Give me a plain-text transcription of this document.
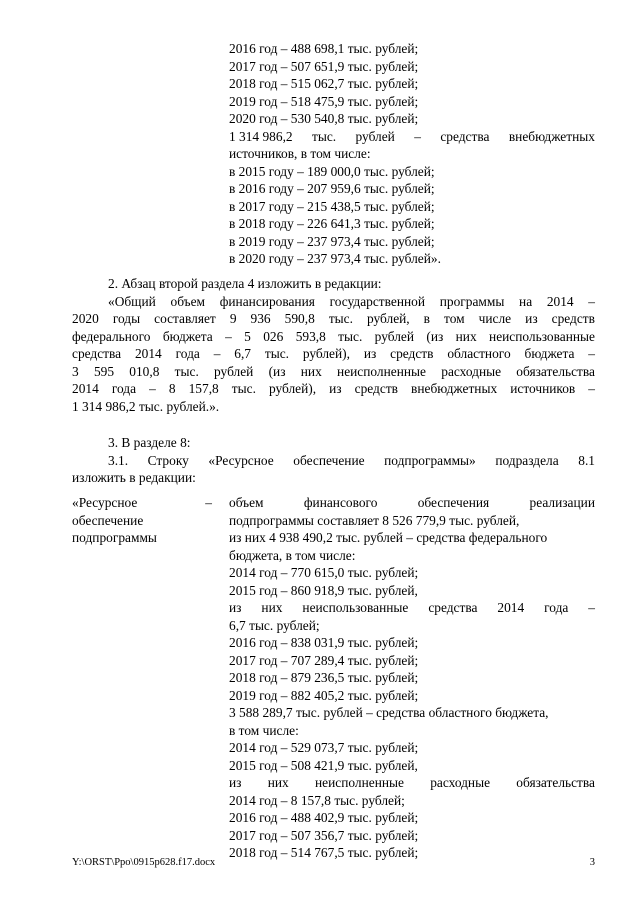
2016 год – 488 698,1 тыс. рублей;
2017 год – 507 651,9 тыс. рублей;
2018 год – 515 062,7 тыс. рублей;
2019 год – 518 475,9 тыс. рублей;
2020 год – 530 540,8 тыс. рублей;
1 314 986,2 тыс. рублей – средства внебюджетных
источников, в том числе:
в 2015 году – 189 000,0 тыс. рублей;
в 2016 году – 207 959,6 тыс. рублей;
в 2017 году – 215 438,5 тыс. рублей;
в 2018 году – 226 641,3 тыс. рублей;
в 2019 году – 237 973,4 тыс. рублей;
в 2020 году – 237 973,4 тыс. рублей».
2. Абзац второй раздела 4 изложить в редакции:
«Общий объем финансирования государственной программы на 2014 –
2020 годы составляет 9 936 590,8 тыс. рублей, в том числе из средств
федерального бюджета – 5 026 593,8 тыс. рублей (из них неиспользованные
средства 2014 года – 6,7 тыс. рублей), из средств областного бюджета –
3 595 010,8 тыс. рублей (из них неисполненные расходные обязательства
2014 года – 8 157,8 тыс. рублей), из средств внебюджетных источников –
1 314 986,2 тыс. рублей.».
3. В разделе 8:
3.1. Строку «Ресурсное обеспечение подпрограммы» подраздела 8.1
изложить в редакции:
«Ресурсное	–
обеспечение
подпрограммы
объем финансового обеспечения реализации
подпрограммы составляет 8 526 779,9 тыс. рублей,
из них 4 938 490,2 тыс. рублей – средства федерального
бюджета, в том числе:
2014 год – 770 615,0 тыс. рублей;
2015 год – 860 918,9 тыс. рублей,
из них неиспользованные средства 2014 года –
6,7 тыс. рублей;
2016 год – 838 031,9 тыс. рублей;
2017 год – 707 289,4 тыс. рублей;
2018 год – 879 236,5 тыс. рублей;
2019 год – 882 405,2 тыс. рублей;
3 588 289,7 тыс. рублей – средства областного бюджета,
в том числе:
2014 год – 529 073,7 тыс. рублей;
2015 год – 508 421,9 тыс. рублей,
из них неисполненные расходные обязательства
2014 год – 8 157,8 тыс. рублей;
2016 год – 488 402,9 тыс. рублей;
2017 год – 507 356,7 тыс. рублей;
2018 год – 514 767,5 тыс. рублей;
Y:\ORST\Ppo\0915p628.f17.docx	3
